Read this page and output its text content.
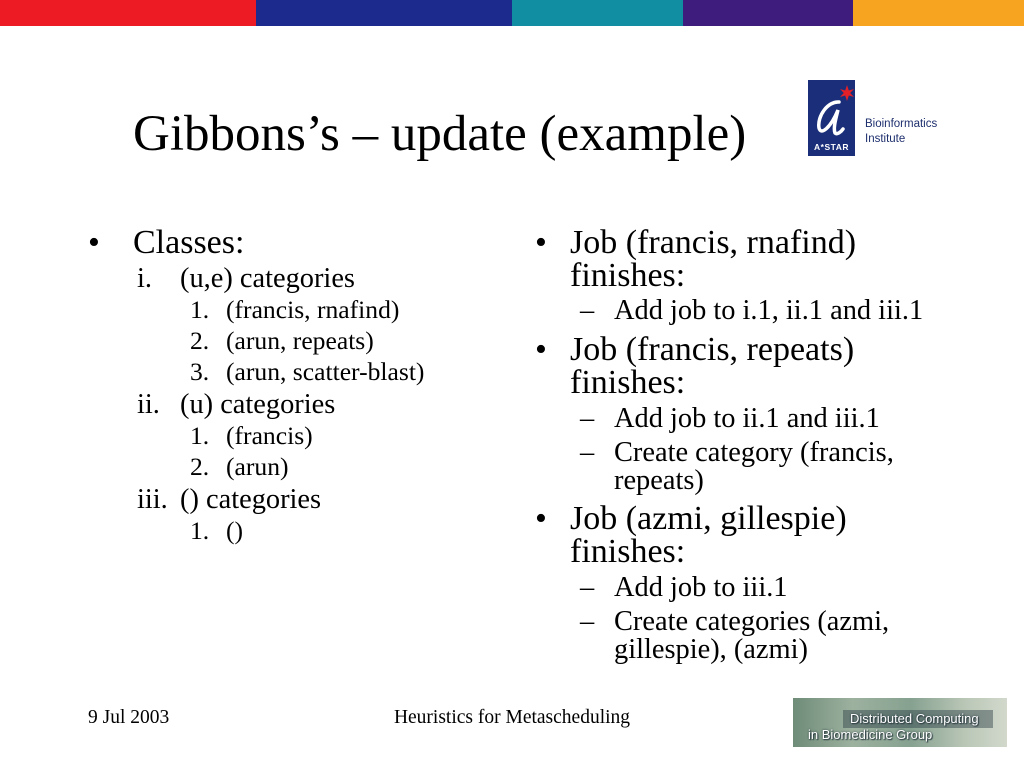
Gibbons’s – update (example)	A*STAR
Bioinformatics
Institute
• Classes:
i. (u,e) categories
1. (francis, rnafind)
2. (arun, repeats)
3. (arun, scatter-blast)
ii. (u) categories
1. (francis)
2. (arun)
iii. () categories
1. ()
• Job (francis, rnafind)
finishes:
– Add job to i.1, ii.1 and iii.1
• Job (francis, repeats)
finishes:
– Add job to ii.1 and iii.1
– Create category (francis,
repeats)
• Job (azmi, gillespie)
finishes:
– Add job to iii.1
– Create categories (azmi,
gillespie), (azmi)
9 Jul 2003	Heuristics for Metascheduling	Distributed Computing
in Biomedicine Group
